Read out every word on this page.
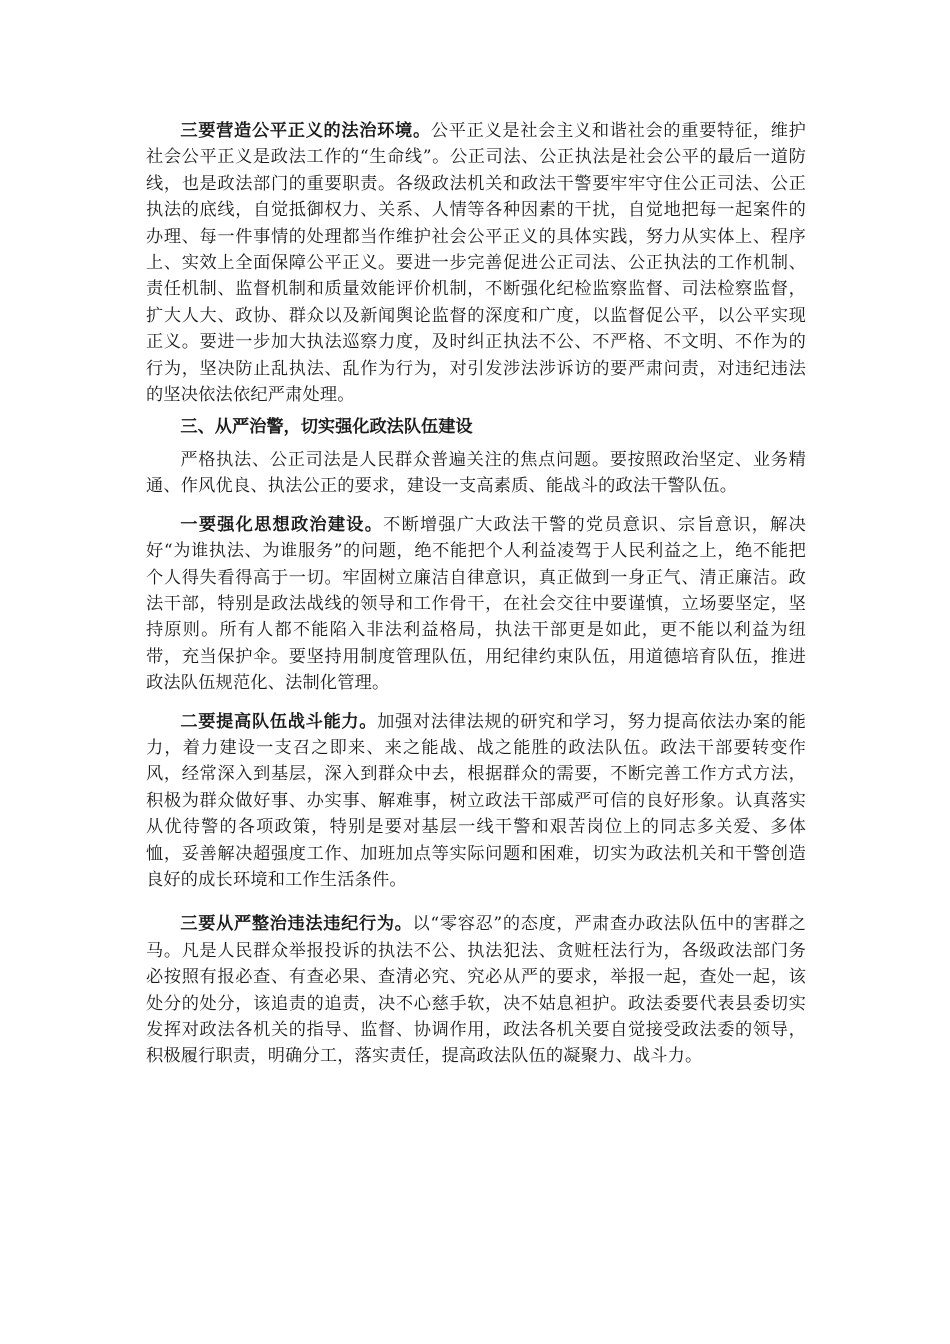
三要营造公平正义的法治环境。公平正义是社会主义和谐社会的重要特征，维护社会公平正义是政法工作的“生命线”。公正司法、公正执法是社会公平的最后一道防线，也是政法部门的重要职责。各级政法机关和政法干警要牢牢守住公正司法、公正执法的底线，自觉抵御权力、关系、人情等各种因素的干扰，自觉地把每一起案件的办理、每一件事情的处理都当作维护社会公平正义的具体实践，努力从实体上、程序上、实效上全面保障公平正义。要进一步完善促进公正司法、公正执法的工作机制、责任机制、监督机制和质量效能评价机制，不断强化纪检监察监督、司法检察监督，扩大人大、政协、群众以及新闻舆论监督的深度和广度，以监督促公平，以公平实现正义。要进一步加大执法巡察力度，及时纠正执法不公、不严格、不文明、不作为的行为，坚决防止乱执法、乱作为行为，对引发涉法涉诉访的要严肃问责，对违纪违法的坚决依法依纪严肃处理。

三、从严治警，切实强化政法队伍建设

严格执法、公正司法是人民群众普遍关注的焦点问题。要按照政治坚定、业务精通、作风优良、执法公正的要求，建设一支高素质、能战斗的政法干警队伍。

一要强化思想政治建设。不断增强广大政法干警的党员意识、宗旨意识，解决好“为谁执法、为谁服务”的问题，绝不能把个人利益凌驾于人民利益之上，绝不能把个人得失看得高于一切。牢固树立廉洁自律意识，真正做到一身正气、清正廉洁。政法干部，特别是政法战线的领导和工作骨干，在社会交往中要谨慎，立场要坚定，坚持原则。所有人都不能陷入非法利益格局，执法干部更是如此，更不能以利益为纽带，充当保护伞。要坚持用制度管理队伍，用纪律约束队伍，用道德培育队伍，推进政法队伍规范化、法制化管理。

二要提高队伍战斗能力。加强对法律法规的研究和学习，努力提高依法办案的能力，着力建设一支召之即来、来之能战、战之能胜的政法队伍。政法干部要转变作风，经常深入到基层，深入到群众中去，根据群众的需要，不断完善工作方式方法，积极为群众做好事、办实事、解难事，树立政法干部威严可信的良好形象。认真落实从优待警的各项政策，特别是要对基层一线干警和艰苦岗位上的同志多关爱、多体恤，妥善解决超强度工作、加班加点等实际问题和困难，切实为政法机关和干警创造良好的成长环境和工作生活条件。

三要从严整治违法违纪行为。以“零容忍”的态度，严肃查办政法队伍中的害群之马。凡是人民群众举报投诉的执法不公、执法犯法、贪赃枉法行为，各级政法部门务必按照有报必查、有查必果、查清必究、究必从严的要求，举报一起，查处一起，该处分的处分，该追责的追责，决不心慈手软，决不姑息袒护。政法委要代表县委切实发挥对政法各机关的指导、监督、协调作用，政法各机关要自觉接受政法委的领导，积极履行职责，明确分工，落实责任，提高政法队伍的凝聚力、战斗力。
